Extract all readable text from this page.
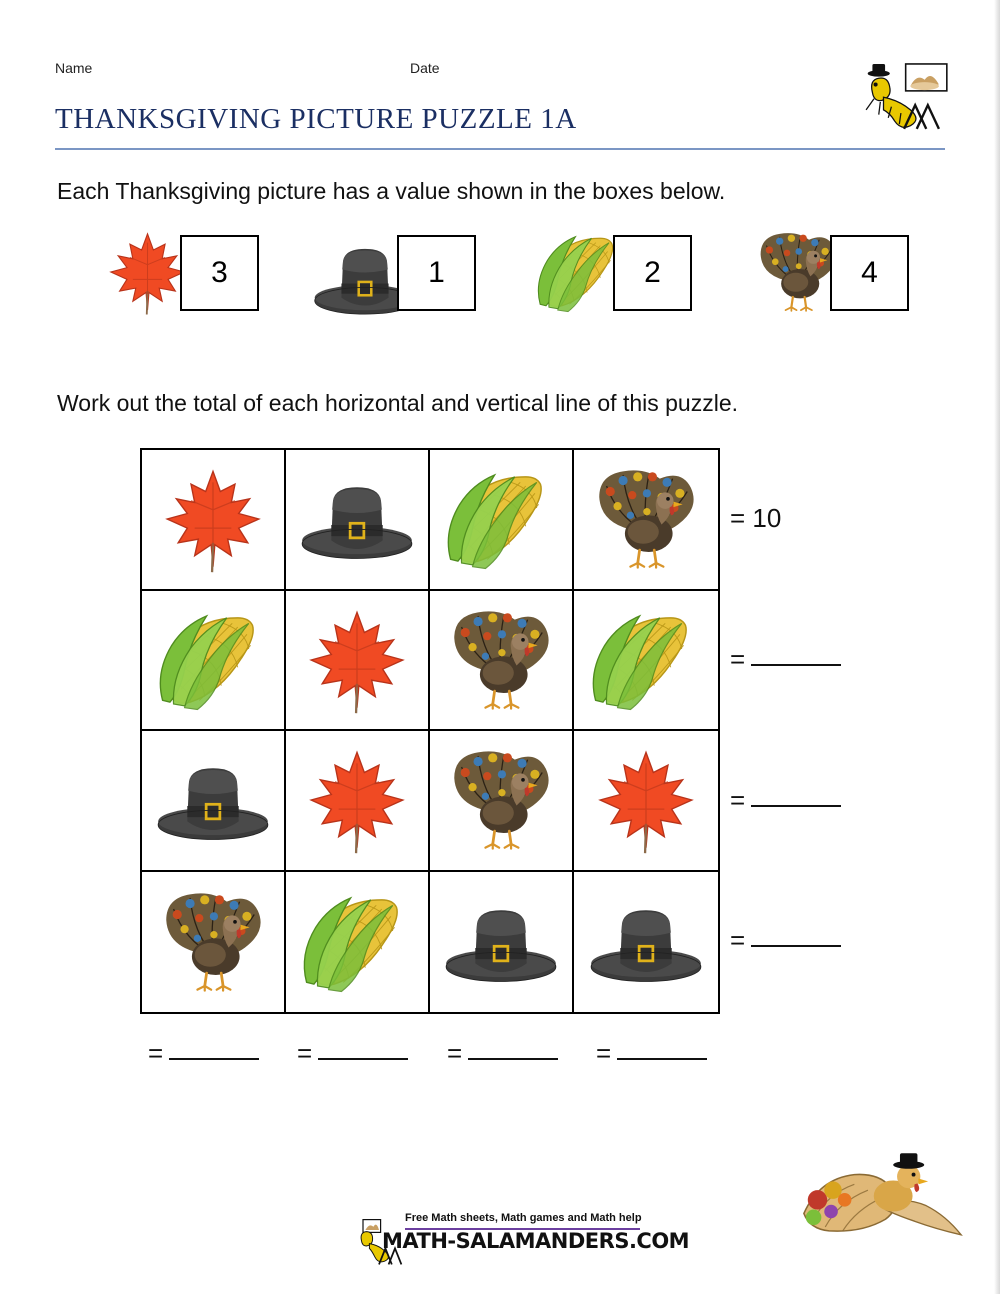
Name	Date
THANKSGIVING PICTURE PUZZLE 1A
Each Thanksgiving picture has a value shown in the boxes below.
3	1	2	4
Work out the total of each horizontal and vertical line of this puzzle.
= 10
=
=
=
=	=	=	=
Free Math sheets, Math games and Math help
MATH-SALAMANDERS.COM
